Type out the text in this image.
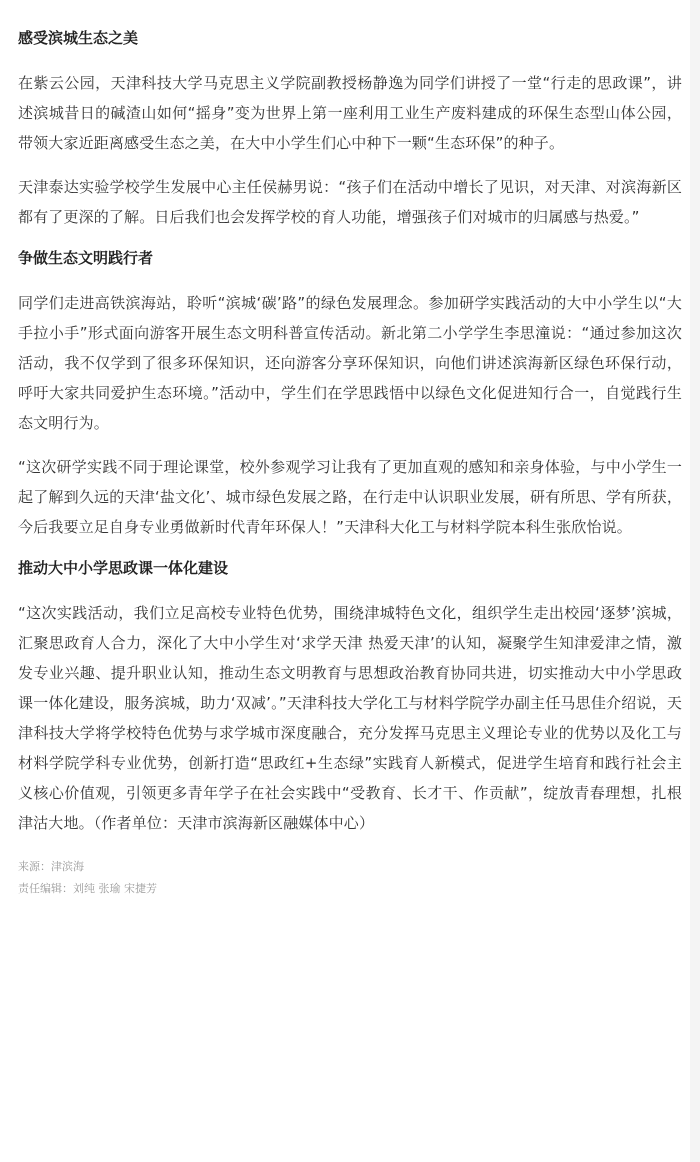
感受滨城生态之美

在紫云公园，天津科技大学马克思主义学院副教授杨静逸为同学们讲授了一堂“行走的思政课”，讲述滨城昔日的碱渣山如何“摇身”变为世界上第一座利用工业生产废料建成的环保生态型山体公园，带领大家近距离感受生态之美，在大中小学生们心中种下一颗“生态环保”的种子。

天津泰达实验学校学生发展中心主任侯赫男说：“孩子们在活动中增长了见识，对天津、对滨海新区都有了更深的了解。日后我们也会发挥学校的育人功能，增强孩子们对城市的归属感与热爱。”

争做生态文明践行者

同学们走进高铁滨海站，聆听“滨城‘碳’路”的绿色发展理念。参加研学实践活动的大中小学生以“大手拉小手”形式面向游客开展生态文明科普宣传活动。新北第二小学学生李思潼说：“通过参加这次活动，我不仅学到了很多环保知识，还向游客分享环保知识，向他们讲述滨海新区绿色环保行动，呼吁大家共同爱护生态环境。”活动中，学生们在学思践悟中以绿色文化促进知行合一，自觉践行生态文明行为。

“这次研学实践不同于理论课堂，校外参观学习让我有了更加直观的感知和亲身体验，与中小学生一起了解到久远的天津‘盐文化’、城市绿色发展之路，在行走中认识职业发展，研有所思、学有所获，今后我要立足自身专业勇做新时代青年环保人！”天津科大化工与材料学院本科生张欣怡说。

推动大中小学思政课一体化建设

“这次实践活动，我们立足高校专业特色优势，围绕津城特色文化，组织学生走出校园‘逐梦’滨城，汇聚思政育人合力，深化了大中小学生对‘求学天津 热爱天津’的认知，凝聚学生知津爱津之情，激发专业兴趣、提升职业认知，推动生态文明教育与思想政治教育协同共进，切实推动大中小学思政课一体化建设，服务滨城，助力‘双减’。”天津科技大学化工与材料学院学办副主任马思佳介绍说，天津科技大学将学校特色优势与求学城市深度融合，充分发挥马克思主义理论专业的优势以及化工与材料学院学科专业优势，创新打造“思政红+生态绿”实践育人新模式，促进学生培育和践行社会主义核心价值观，引领更多青年学子在社会实践中“受教育、长才干、作贡献”，绽放青春理想，扎根津沽大地。（作者单位：天津市滨海新区融媒体中心）

来源：津滨海
责任编辑：刘纯 张瑜 宋捷芳
